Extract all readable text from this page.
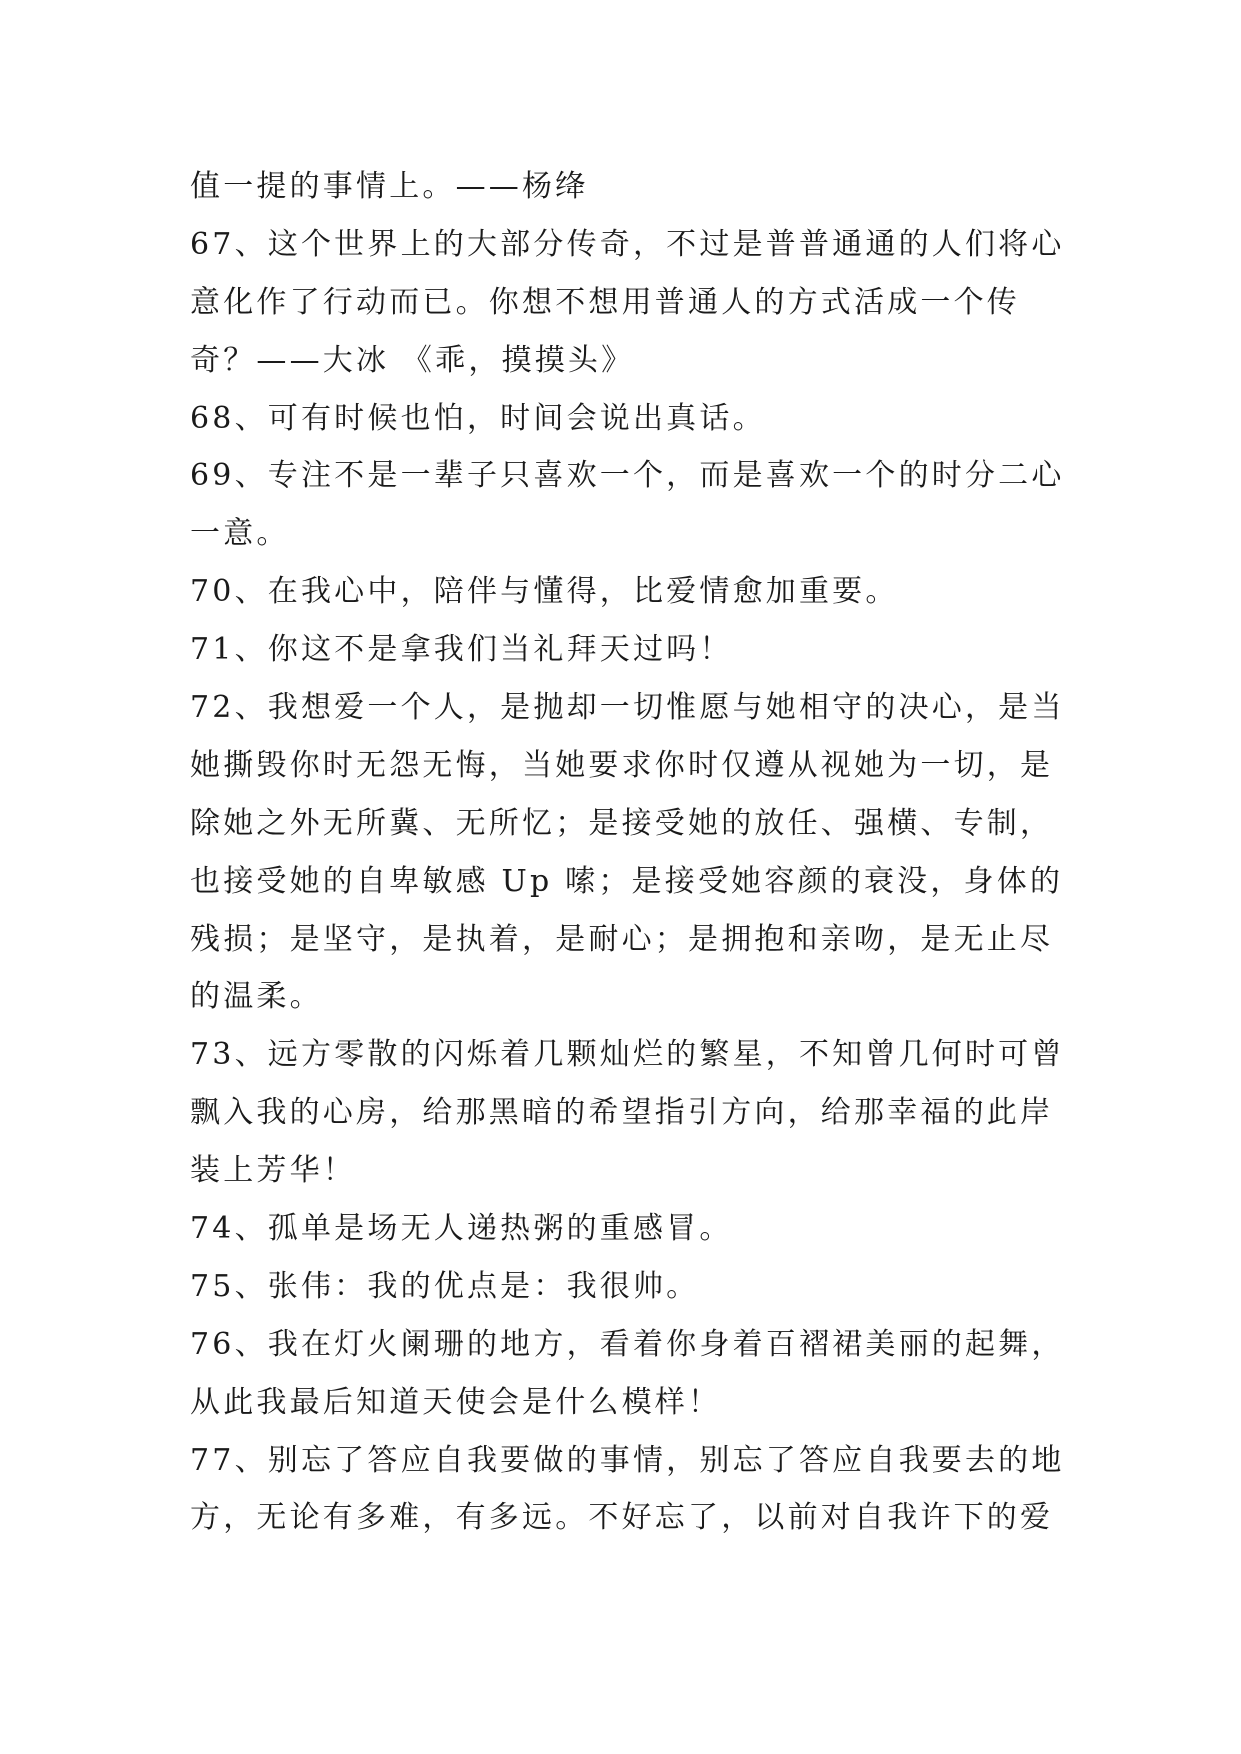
值一提的事情上。——杨绛
67、这个世界上的大部分传奇，不过是普普通通的人们将心
意化作了行动而已。你想不想用普通人的方式活成一个传
奇？——大冰 《乖，摸摸头》
68、可有时候也怕，时间会说出真话。
69、专注不是一辈子只喜欢一个，而是喜欢一个的时分二心
一意。
70、在我心中，陪伴与懂得，比爱情愈加重要。
71、你这不是拿我们当礼拜天过吗！
72、我想爱一个人，是抛却一切惟愿与她相守的决心，是当
她撕毁你时无怨无悔，当她要求你时仅遵从视她为一切，是
除她之外无所冀、无所忆；是接受她的放任、强横、专制，
也接受她的自卑敏感 Up 嗦；是接受她容颜的衰没，身体的
残损；是坚守，是执着，是耐心；是拥抱和亲吻，是无止尽
的温柔。
73、远方零散的闪烁着几颗灿烂的繁星，不知曾几何时可曾
飘入我的心房，给那黑暗的希望指引方向，给那幸福的此岸
装上芳华！
74、孤单是场无人递热粥的重感冒。
75、张伟：我的优点是：我很帅。
76、我在灯火阑珊的地方，看着你身着百褶裙美丽的起舞，
从此我最后知道天使会是什么模样！
77、别忘了答应自我要做的事情，别忘了答应自我要去的地
方，无论有多难，有多远。不好忘了，以前对自我许下的爱
